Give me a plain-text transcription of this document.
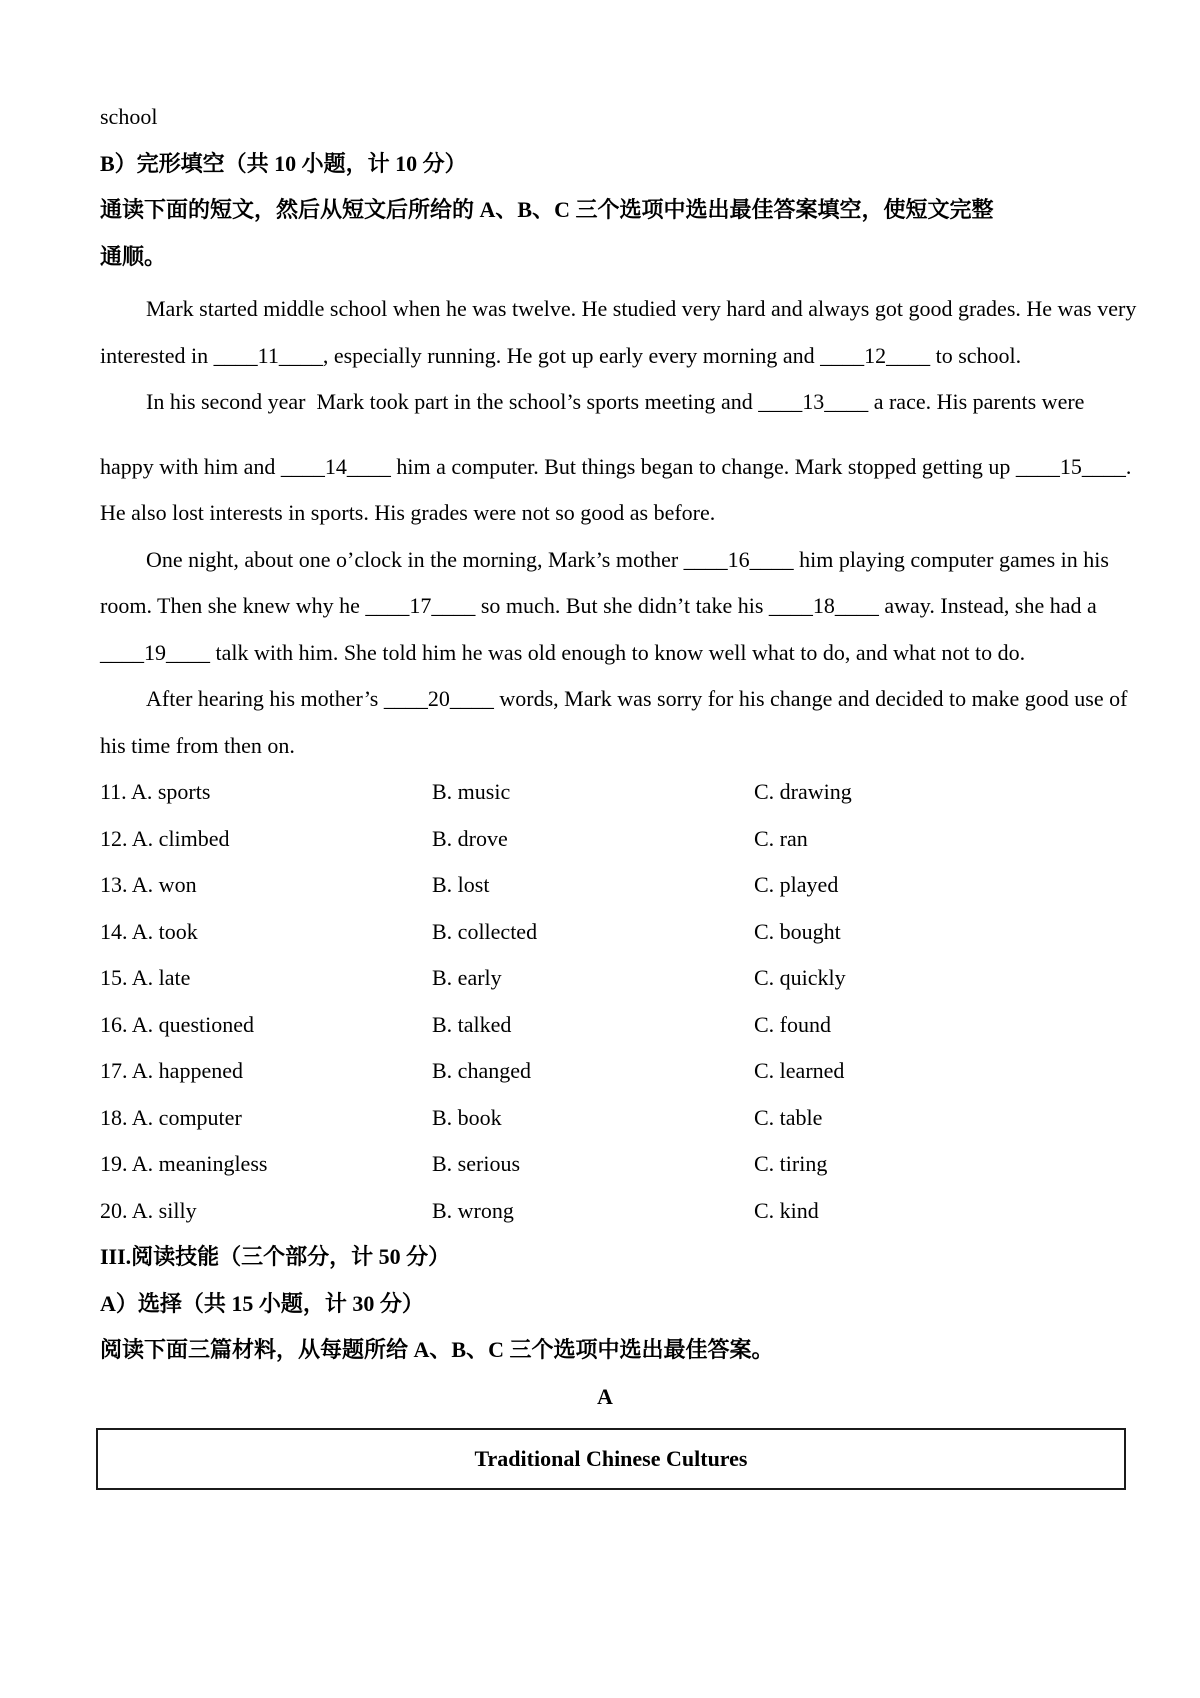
school
B）完形填空（共 10 小题，计 10 分）
通读下面的短文，然后从短文后所给的 A、B、C 三个选项中选出最佳答案填空，使短文完整
通顺。
Mark started middle school when he was twelve. He studied very hard and always got good grades. He was very
interested in ____11____, especially running. He got up early every morning and ____12____ to school.
In his second year  Mark took part in the school’s sports meeting and ____13____ a race. His parents were
happy with him and ____14____ him a computer. But things began to change. Mark stopped getting up ____15____.
He also lost interests in sports. His grades were not so good as before.
One night, about one o’clock in the morning, Mark’s mother ____16____ him playing computer games in his
room. Then she knew why he ____17____ so much. But she didn’t take his ____18____ away. Instead, she had a
____19____ talk with him. She told him he was old enough to know well what to do, and what not to do.
After hearing his mother’s ____20____ words, Mark was sorry for his change and decided to make good use of
his time from then on.
11. A. sports	B. music	C. drawing
12. A. climbed	B. drove	C. ran
13. A. won	B. lost	C. played
14. A. took	B. collected	C. bought
15. A. late	B. early	C. quickly
16. A. questioned	B. talked	C. found
17. A. happened	B. changed	C. learned
18. A. computer	B. book	C. table
19. A. meaningless	B. serious	C. tiring
20. A. silly	B. wrong	C. kind
III.阅读技能（三个部分，计 50 分）
A）选择（共 15 小题，计 30 分）
阅读下面三篇材料，从每题所给 A、B、C 三个选项中选出最佳答案。
A
Traditional Chinese Cultures
